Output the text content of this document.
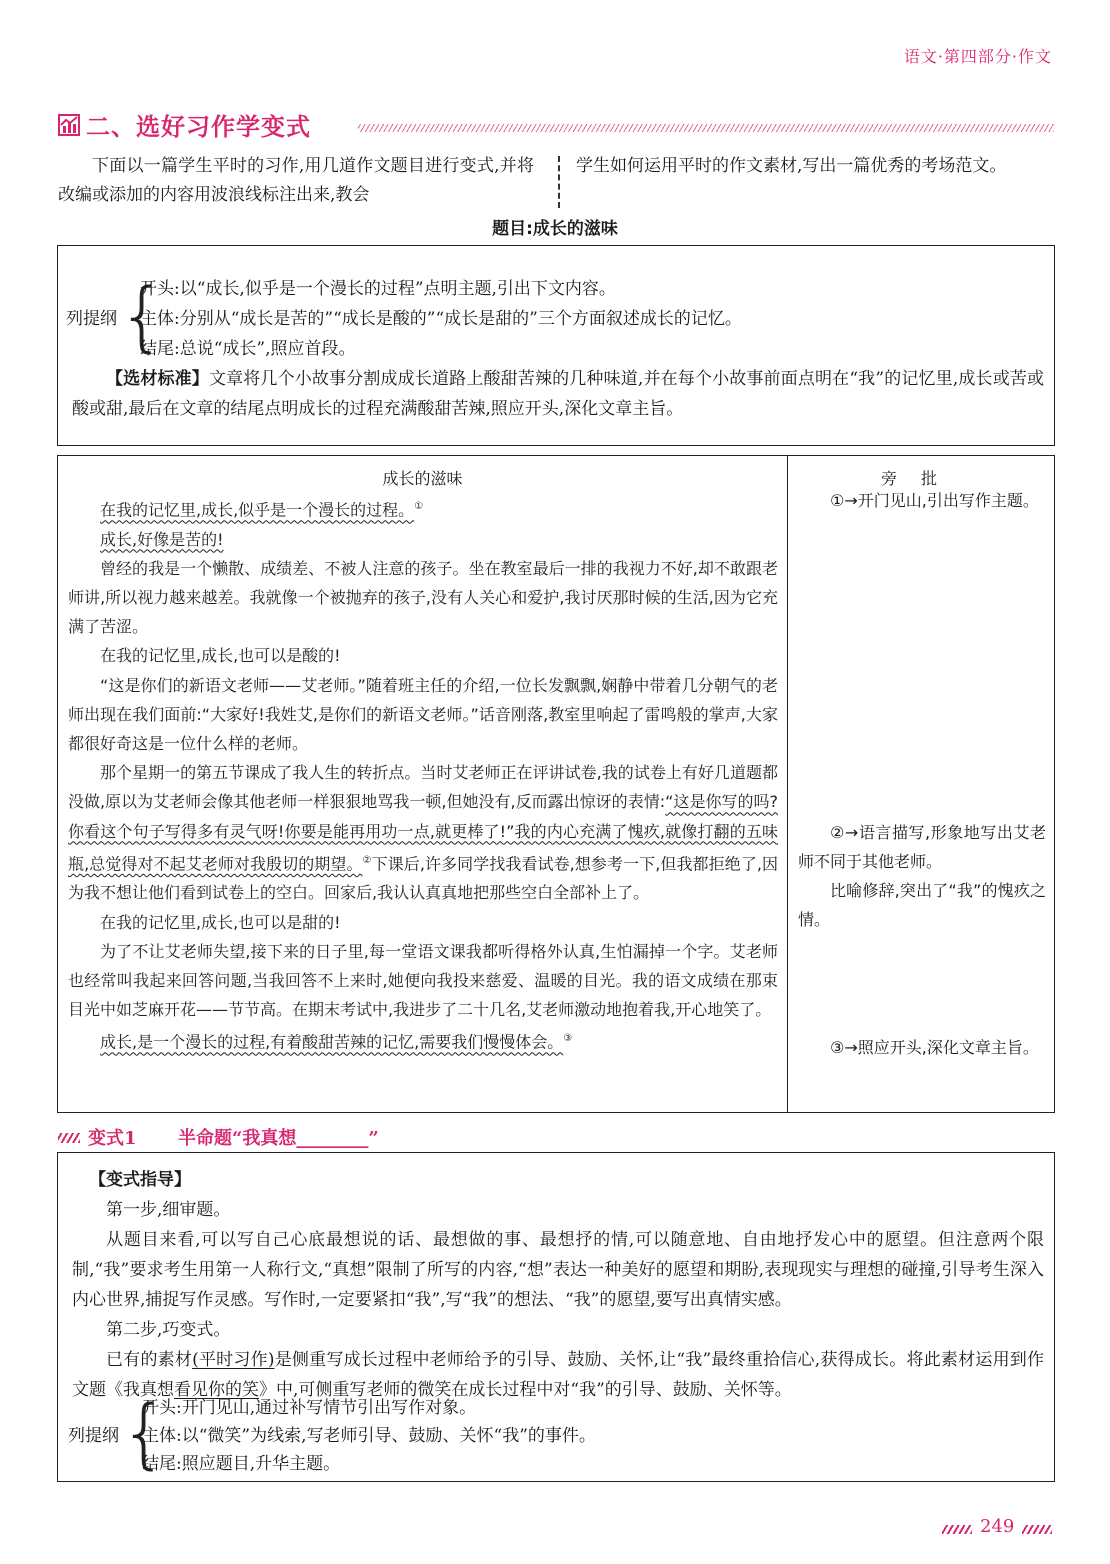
语文·第四部分·作文
二、选好习作学变式
下面以一篇学生平时的习作,用几道作文题目进行变式,并将改编或添加的内容用波浪线标注出来,教会
学生如何运用平时的作文素材,写出一篇优秀的考场范文。
题目:成长的滋味
列提纲 {
开头:以“成长,似乎是一个漫长的过程”点明主题,引出下文内容。
主体:分别从“成长是苦的”“成长是酸的”“成长是甜的”三个方面叙述成长的记忆。
结尾:总说“成长”,照应首段。
【选材标准】文章将几个小故事分割成成长道路上酸甜苦辣的几种味道,并在每个小故事前面点明在“我”的记忆里,成长或苦或酸或甜,最后在文章的结尾点明成长的过程充满酸甜苦辣,照应开头,深化文章主旨。
成长的滋味	旁批

在我的记忆里,成长,似乎是一个漫长的过程。①

成长,好像是苦的!

曾经的我是一个懒散、成绩差、不被人注意的孩子。坐在教室最后一排的我视力不好,却不敢跟老师讲,所以视力越来越差。我就像一个被抛弃的孩子,没有人关心和爱护,我讨厌那时候的生活,因为它充满了苦涩。

在我的记忆里,成长,也可以是酸的!

“这是你们的新语文老师——艾老师。”随着班主任的介绍,一位长发飘飘,娴静中带着几分朝气的老师出现在我们面前:“大家好!我姓艾,是你们的新语文老师。”话音刚落,教室里响起了雷鸣般的掌声,大家都很好奇这是一位什么样的老师。

那个星期一的第五节课成了我人生的转折点。当时艾老师正在评讲试卷,我的试卷上有好几道题都没做,原以为艾老师会像其他老师一样狠狠地骂我一顿,但她没有,反而露出惊讶的表情:“这是你写的吗?你看这个句子写得多有灵气呀!你要是能再用功一点,就更棒了!”我的内心充满了愧疚,就像打翻的五味瓶,总觉得对不起艾老师对我殷切的期望。②下课后,许多同学找我看试卷,想参考一下,但我都拒绝了,因为我不想让他们看到试卷上的空白。回家后,我认认真真地把那些空白全部补上了。

在我的记忆里,成长,也可以是甜的!

为了不让艾老师失望,接下来的日子里,每一堂语文课我都听得格外认真,生怕漏掉一个字。艾老师也经常叫我起来回答问题,当我回答不上来时,她便向我投来慈爱、温暖的目光。我的语文成绩在那束目光中如芝麻开花——节节高。在期末考试中,我进步了二十几名,艾老师激动地抱着我,开心地笑了。

成长,是一个漫长的过程,有着酸甜苦辣的记忆,需要我们慢慢体会。③

①→开门见山,引出写作主题。

②→语言描写,形象地写出艾老师不同于其他老师。

比喻修辞,突出了“我”的愧疚之情。

③→照应开头,深化文章主旨。

变式1 半命题“我真想________”

【变式指导】

第一步,细审题。

从题目来看,可以写自己心底最想说的话、最想做的事、最想抒的情,可以随意地、自由地抒发心中的愿望。但注意两个限制,“我”要求考生用第一人称行文,“真想”限制了所写的内容,“想”表达一种美好的愿望和期盼,表现现实与理想的碰撞,引导考生深入内心世界,捕捉写作灵感。写作时,一定要紧扣“我”,写“我”的想法、“我”的愿望,要写出真情实感。

第二步,巧变式。

已有的素材(平时习作)是侧重写成长过程中老师给予的引导、鼓励、关怀,让“我”最终重拾信心,获得成长。将此素材运用到作文题《我真想看见你的笑》中,可侧重写老师的微笑在成长过程中对“我”的引导、鼓励、关怀等。

列提纲 {
开头:开门见山,通过补写情节引出写作对象。
主体:以“微笑”为线索,写老师引导、鼓励、关怀“我”的事件。
结尾:照应题目,升华主题。
249
